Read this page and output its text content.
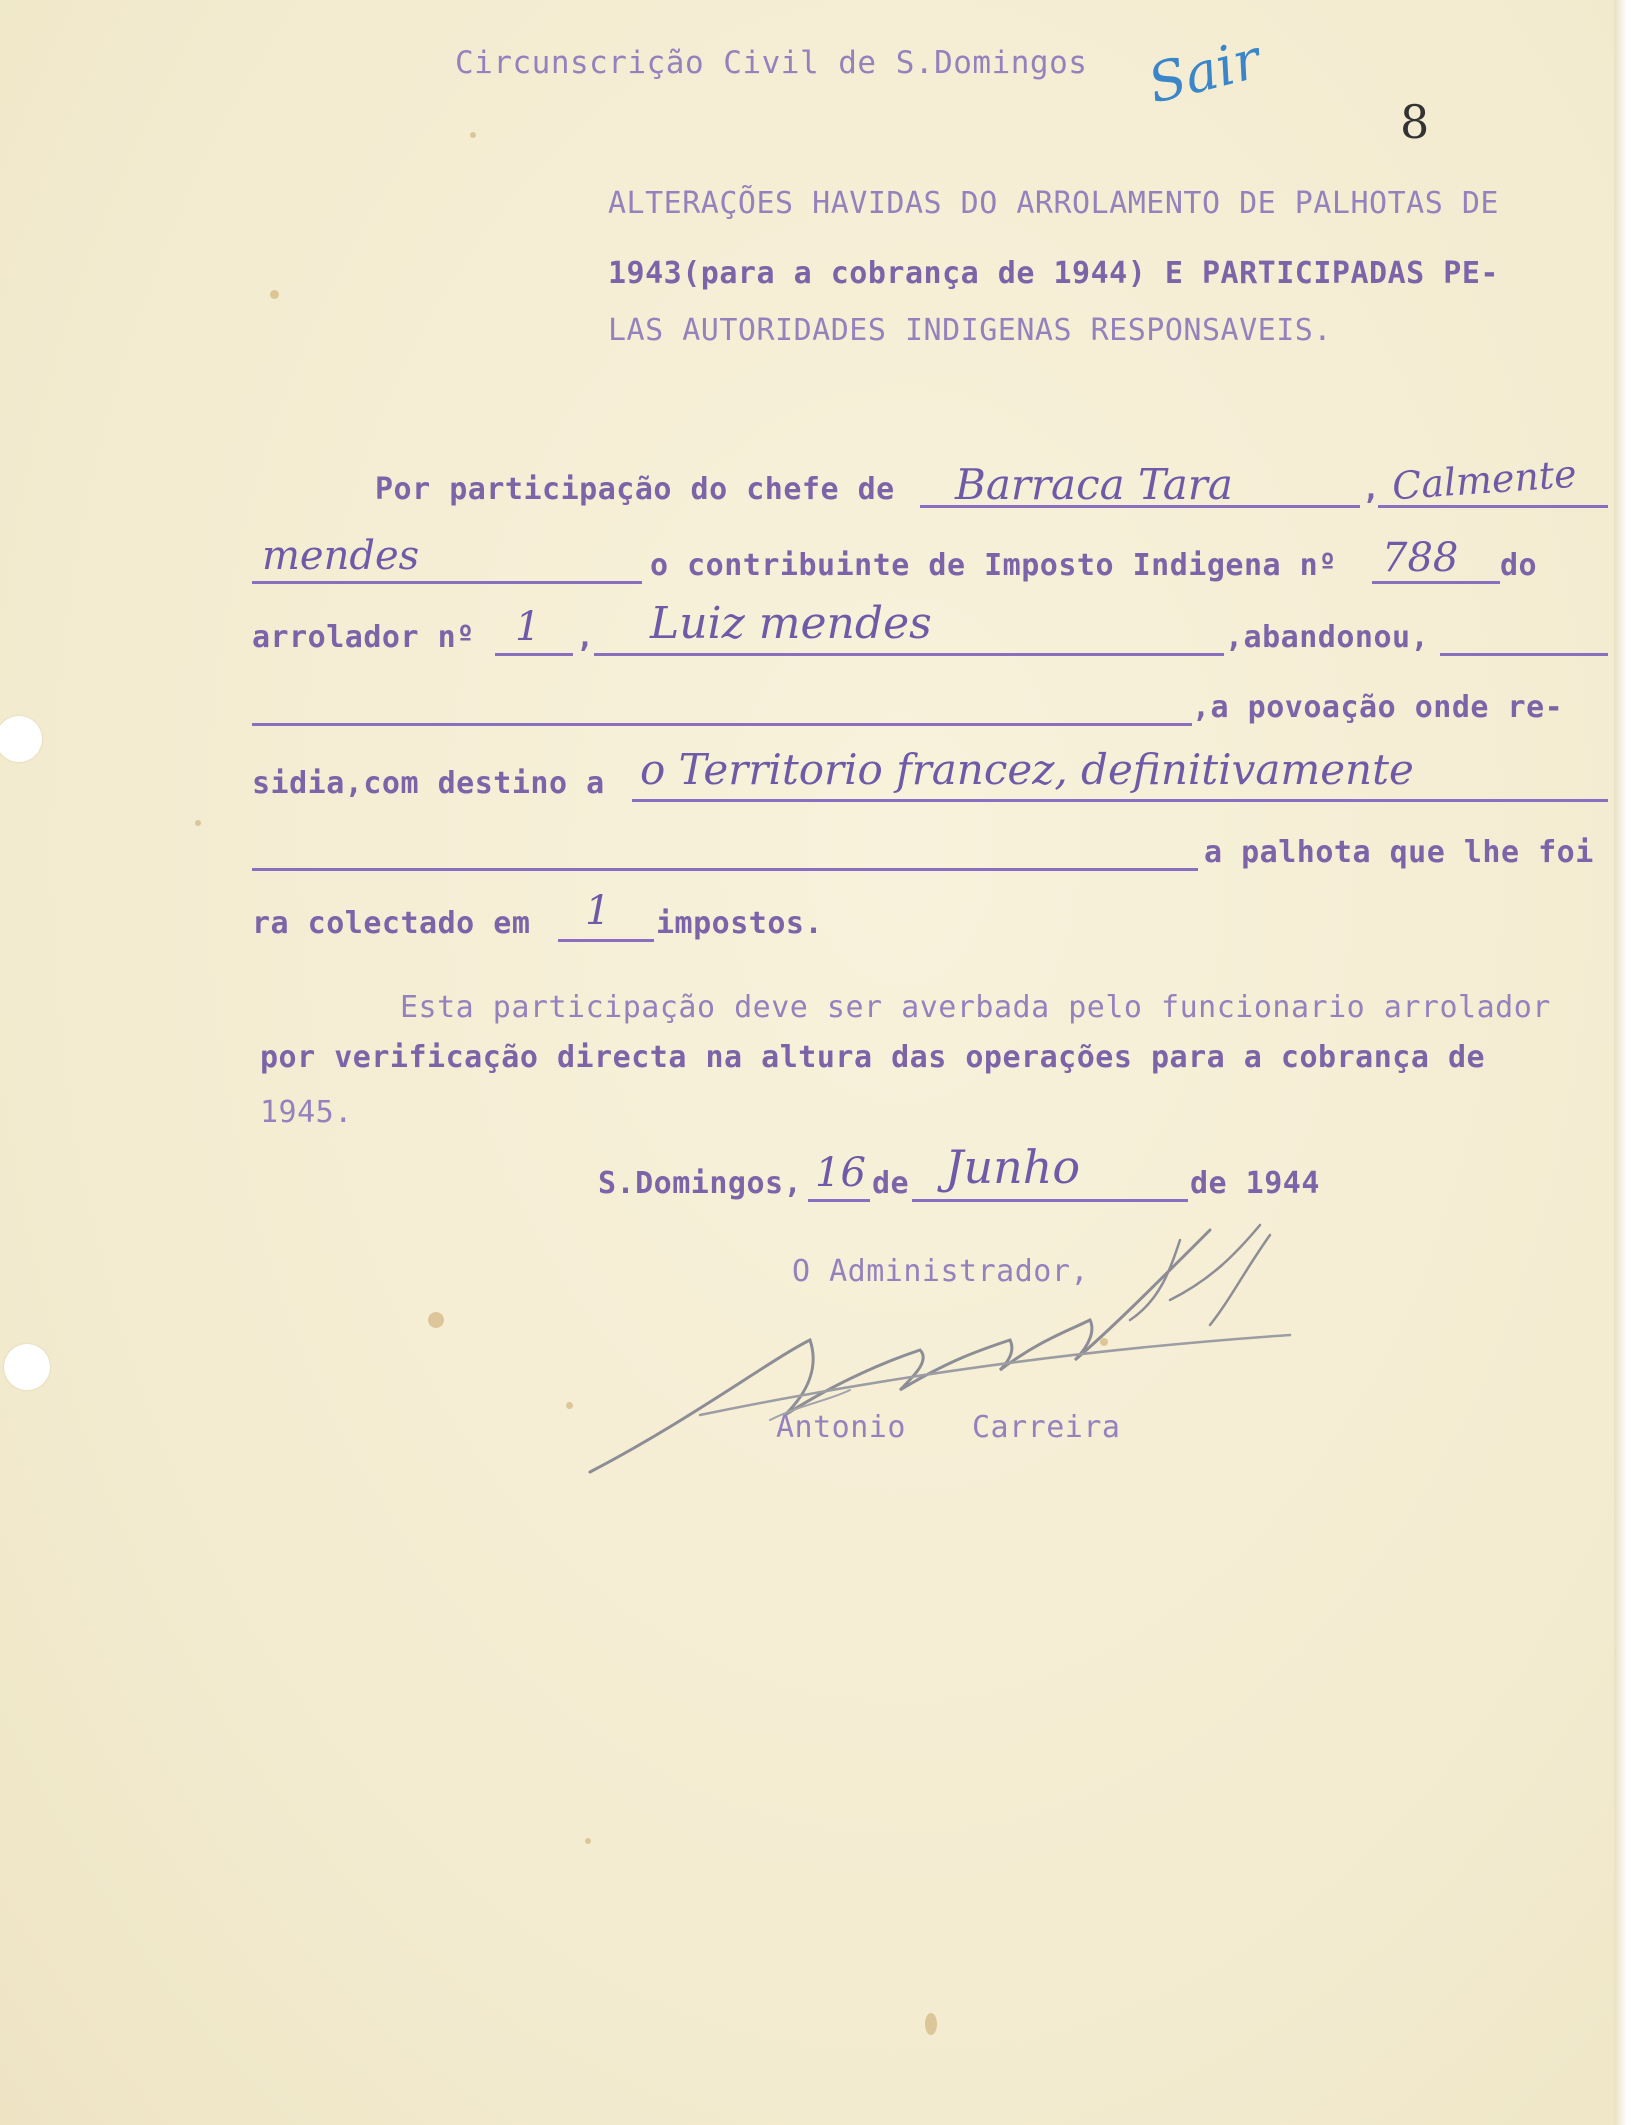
Circunscrição Civil de S.Domingos Sair
8
ALTERAÇÕES HAVIDAS DO ARROLAMENTO DE PALHOTAS DE
1943(para a cobrança de 1944) E PARTICIPADAS PE-
LAS AUTORIDADES INDIGENAS RESPONSAVEIS.
Por participação do chefe de Barraca Tara	, Calmente
mendes	o contribuinte de Imposto Indigena nº 788 do
arrolador nº 1 , Luiz mendes	,abandonou,
,a povoação onde re-
sidia,com destino a o Territorio francez, definitivamente
a palhota que lhe foi
ra colectado em 1 impostos.
Esta participação deve ser averbada pelo funcionario arrolador
por verificação directa na altura das operações para a cobrança de
1945.
S.Domingos, 16 de Junho	de 1944
O Administrador,
Antonio Carreira
